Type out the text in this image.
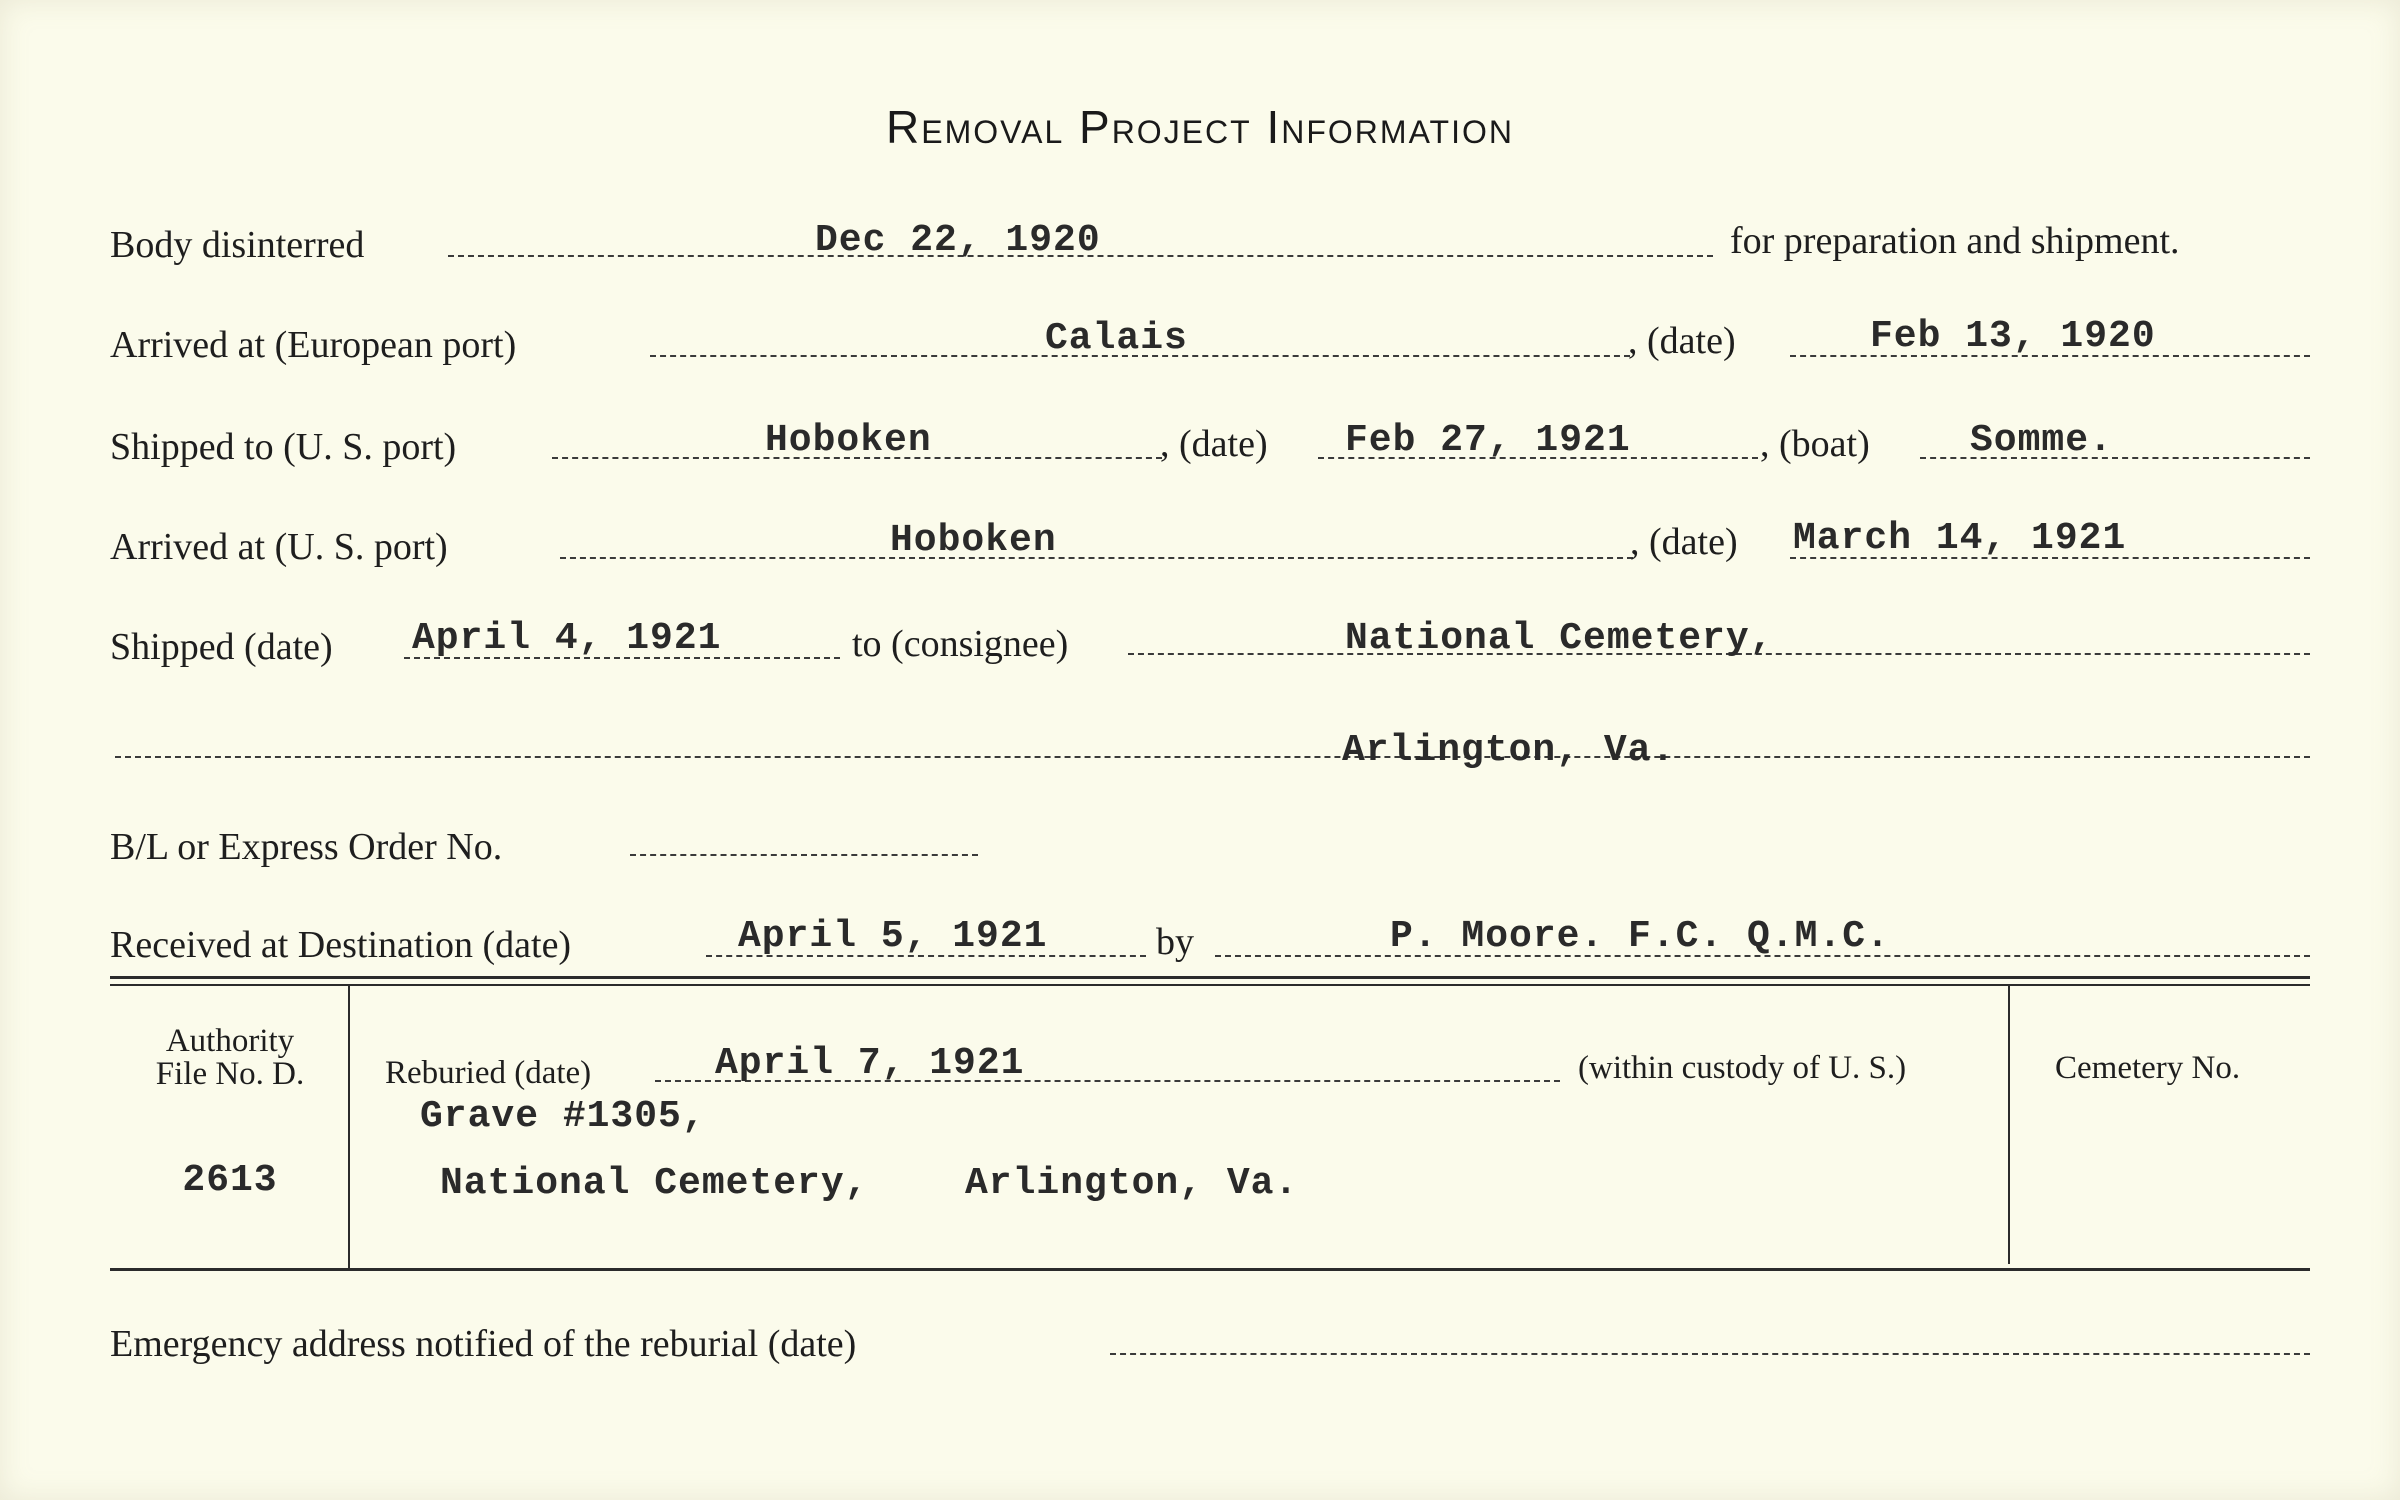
Removal Project Information
Body disinterred	Dec 22, 1920	for preparation and shipment.
Arrived at (European port)	Calais	, (date)	Feb 13, 1920
Shipped to (U. S. port)	Hoboken	, (date) Feb 27, 1921	, (boat)	Somme.
Arrived at (U. S. port)	Hoboken	, (date) March 14, 1921
Shipped (date) April 4, 1921	to (consignee)	National Cemetery,
Arlington, Va.
B/L or Express Order No.
Received at Destination (date)	April 5, 1921	by	P. Moore. F.C. Q.M.C.
Authority
File No. D.
2613
Reburied (date)	April 7, 1921	(within custody of U. S.)
Grave #1305,
National Cemetery,	Arlington, Va.
Cemetery No.
Emergency address notified of the reburial (date)
